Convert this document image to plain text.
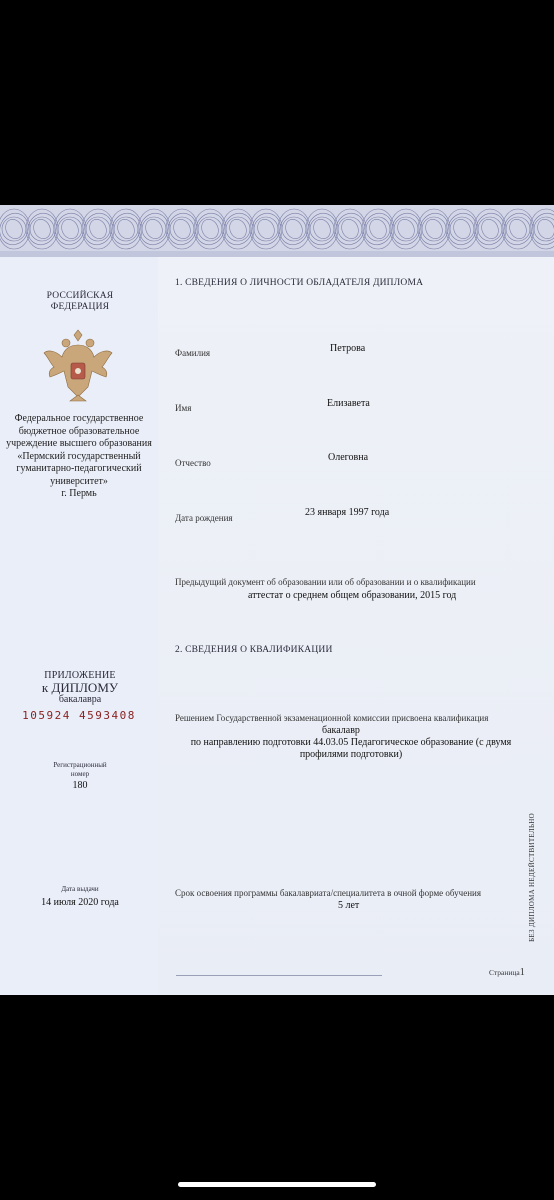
РОССИЙСКАЯ
ФЕДЕРАЦИЯ
Федеральное государственное
бюджетное образовательное
учреждение высшего образования
«Пермский государственный
гуманитарно-педагогический
университет»
г. Пермь
ПРИЛОЖЕНИЕ
к ДИПЛОМУ
бакалавра
105924 4593408
Регистрационный
номер
180
Дата выдачи
14 июля 2020 года
1. СВЕДЕНИЯ О ЛИЧНОСТИ ОБЛАДАТЕЛЯ ДИПЛОМА
Фамилия	Петрова
Имя	Елизавета
Отчество	Олеговна
Дата рождения	23 января 1997 года
Предыдущий документ об образовании или об образовании и о квалификации
аттестат о среднем общем образовании, 2015 год
2. СВЕДЕНИЯ О КВАЛИФИКАЦИИ
Решением Государственной экзаменационной комиссии присвоена квалификация
бакалавр
по направлению подготовки 44.03.05 Педагогическое образование (с двумя
профилями подготовки)
Срок освоения программы бакалавриата/специалитета в очной форме обучения
5 лет
Страница1
БЕЗ ДИПЛОМА НЕДЕЙСТВИТЕЛЬНО
